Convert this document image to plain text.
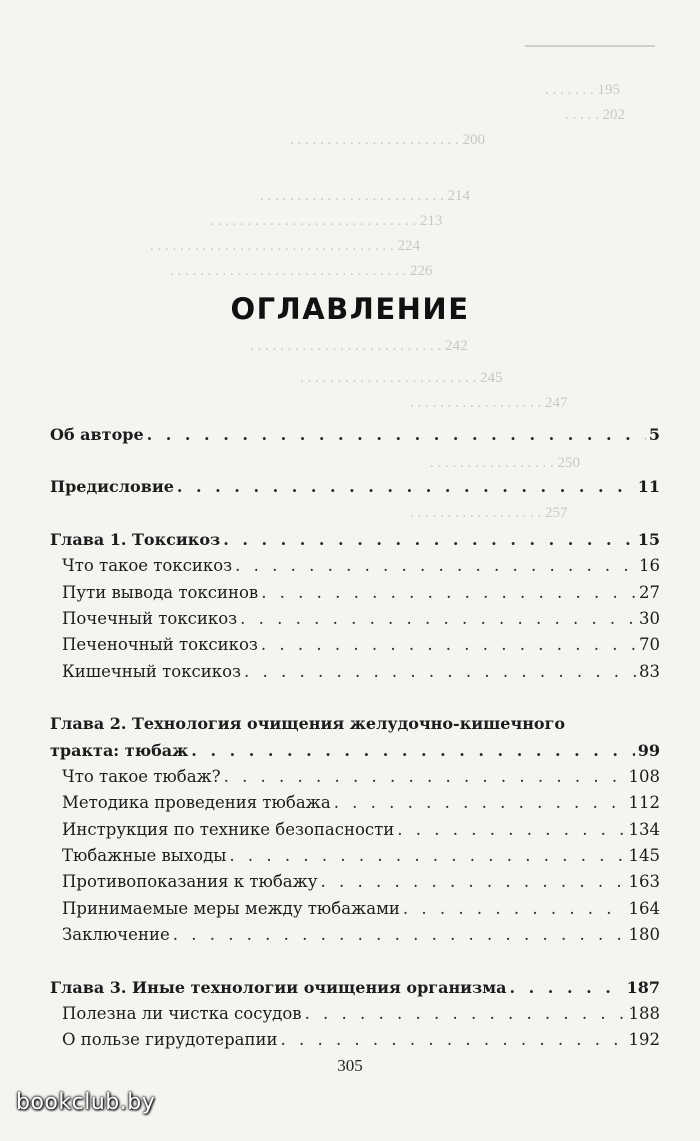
. . . . . . . 195
. . . . . 202
. . . . . . . . . . . . . . . . . . . . . . . 200
. . . . . . . . . . . . . . . . . . . . . . . . . 214
. . . . . . . . . . . . . . . . . . . . . . . . . . . . 213
. . . . . . . . . . . . . . . . . . . . . . . . . . . . . . . . . 224
. . . . . . . . . . . . . . . . . . . . . . . . . . . . . . . . 226
. . . . . . . . . . . . . . . . . . . . . . . . . . 242
. . . . . . . . . . . . . . . . . . . . . . . . 245
. . . . . . . . . . . . . . . . . . 247
. . . . . . . . . . . . . . . . . 250
. . . . . . . . . . . . . . . . . . 257
ОГЛАВЛЕНИЕ
Об авторе . . .	5
Предисловие . . .	11
Глава 1. Токсикоз . . .	15
Что такое токсикоз . . .	16
Пути вывода токсинов . . .	27
Почечный токсикоз . . .	30
Печеночный токсикоз . . .	70
Кишечный токсикоз . . .	83
Глава 2. Технология очищения желудочно-кишечного
тракта: тюбаж . . .	99
Что такое тюбаж? . . .	108
Методика проведения тюбажа . . .	112
Инструкция по технике безопасности . . .	134
Тюбажные выходы . . .	145
Противопоказания к тюбажу . . .	163
Принимаемые меры между тюбажами . . .	164
Заключение . . .	180
Глава 3. Иные технологии очищения организма . . .	187
Полезна ли чистка сосудов . . .	188
О пользе гирудотерапии . . .	192
305
bookclub.by
